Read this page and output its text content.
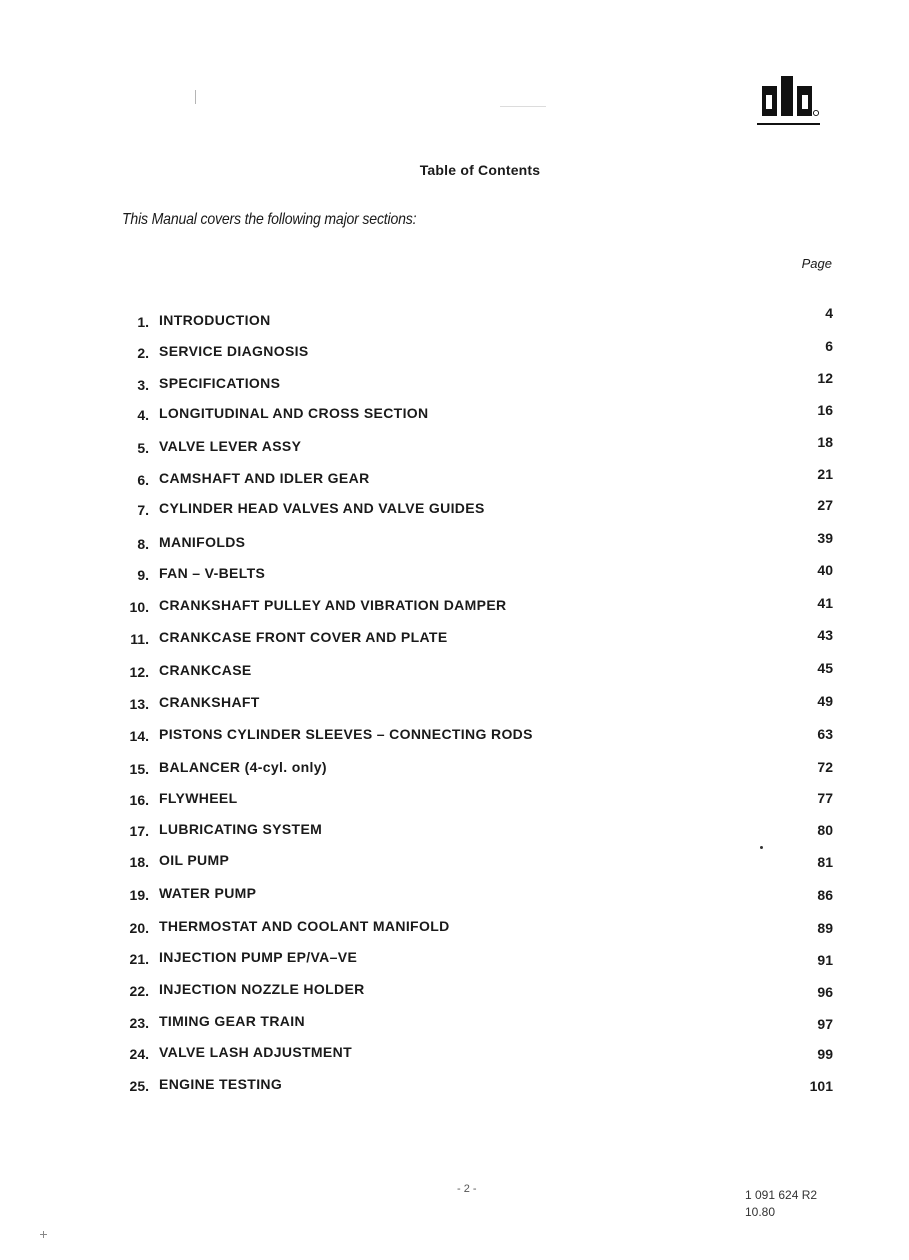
Table of Contents
This Manual covers the following major sections:
Page
1. INTRODUCTION	4
2. SERVICE DIAGNOSIS	6
3. SPECIFICATIONS	12
4. LONGITUDINAL AND CROSS SECTION	16
5. VALVE LEVER ASSY	18
6. CAMSHAFT AND IDLER GEAR	21
7. CYLINDER HEAD VALVES AND VALVE GUIDES	27
8. MANIFOLDS	39
9. FAN – V-BELTS	40
10. CRANKSHAFT PULLEY AND VIBRATION DAMPER	41
11. CRANKCASE FRONT COVER AND PLATE	43
12. CRANKCASE	45
13. CRANKSHAFT	49
14. PISTONS CYLINDER SLEEVES – CONNECTING RODS	63
15. BALANCER (4-cyl. only)	72
16. FLYWHEEL	77
17. LUBRICATING SYSTEM	80
18. OIL PUMP	81
19. WATER PUMP	86
20. THERMOSTAT AND COOLANT MANIFOLD	89
21. INJECTION PUMP EP/VA–VE	91
22. INJECTION NOZZLE HOLDER	96
23. TIMING GEAR TRAIN	97
24. VALVE LASH ADJUSTMENT	99
25. ENGINE TESTING	101
- 2 -	1 091 624 R2
10.80
